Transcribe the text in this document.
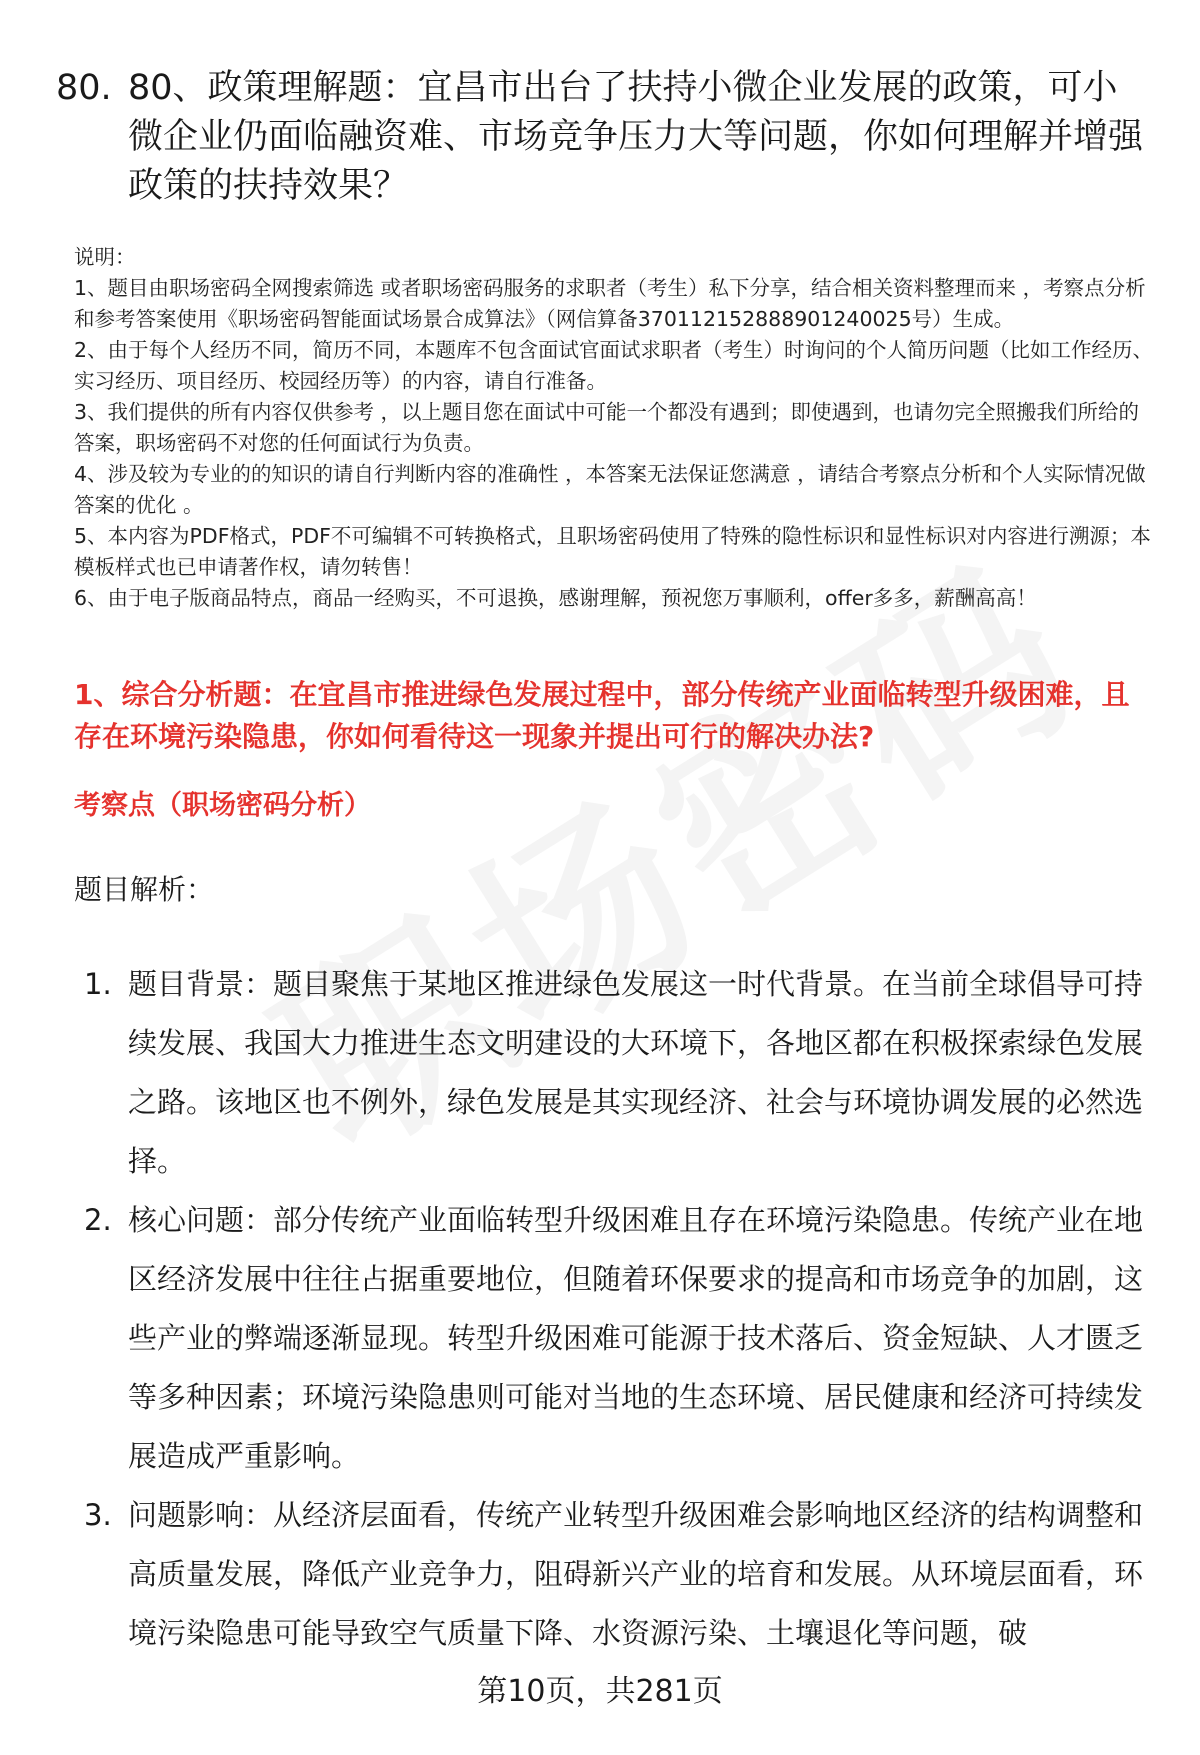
80. 80、政策理解题：宜昌市出台了扶持小微企业发展的政策，可小微企业仍面临融资难、市场竞争压力大等问题，你如何理解并增强政策的扶持效果？

说明：

1、题目由职场密码全网搜索筛选 或者职场密码服务的求职者（考生）私下分享，结合相关资料整理而来 ，考察点分析和参考答案使用《职场密码智能面试场景合成算法》（网信算备370112152888901240025号）生成。

2、由于每个人经历不同，简历不同，本题库不包含面试官面试求职者（考生）时询问的个人简历问题（比如工作经历、实习经历、项目经历、校园经历等）的内容，请自行准备。

3、我们提供的所有内容仅供参考 ，以上题目您在面试中可能一个都没有遇到；即使遇到，也请勿完全照搬我们所给的答案，职场密码不对您的任何面试行为负责。

4、涉及较为专业的的知识的请自行判断内容的准确性 ，本答案无法保证您满意 ，请结合考察点分析和个人实际情况做答案的优化 。

5、本内容为PDF格式，PDF不可编辑不可转换格式，且职场密码使用了特殊的隐性标识和显性标识对内容进行溯源；本模板样式也已申请著作权，请勿转售！

6、由于电子版商品特点，商品一经购买，不可退换，感谢理解，预祝您万事顺利，offer多多，薪酬高高！

1、综合分析题：在宜昌市推进绿色发展过程中，部分传统产业面临转型升级困难，且存在环境污染隐患，你如何看待这一现象并提出可行的解决办法?
考察点（职场密码分析）
题目解析：
1. 题目背景：题目聚焦于某地区推进绿色发展这一时代背景。在当前全球倡导可持续发展、我国大力推进生态文明建设的大环境下，各地区都在积极探索绿色发展之路。该地区也不例外，绿色发展是其实现经济、社会与环境协调发展的必然选择。
2. 核心问题：部分传统产业面临转型升级困难且存在环境污染隐患。传统产业在地区经济发展中往往占据重要地位，但随着环保要求的提高和市场竞争的加剧，这些产业的弊端逐渐显现。转型升级困难可能源于技术落后、资金短缺、人才匮乏等多种因素；环境污染隐患则可能对当地的生态环境、居民健康和经济可持续发展造成严重影响。
3. 问题影响：从经济层面看，传统产业转型升级困难会影响地区经济的结构调整和高质量发展，降低产业竞争力，阻碍新兴产业的培育和发展。从环境层面看，环境污染隐患可能导致空气质量下降、水资源污染、土壤退化等问题，破
第10页，共281页
